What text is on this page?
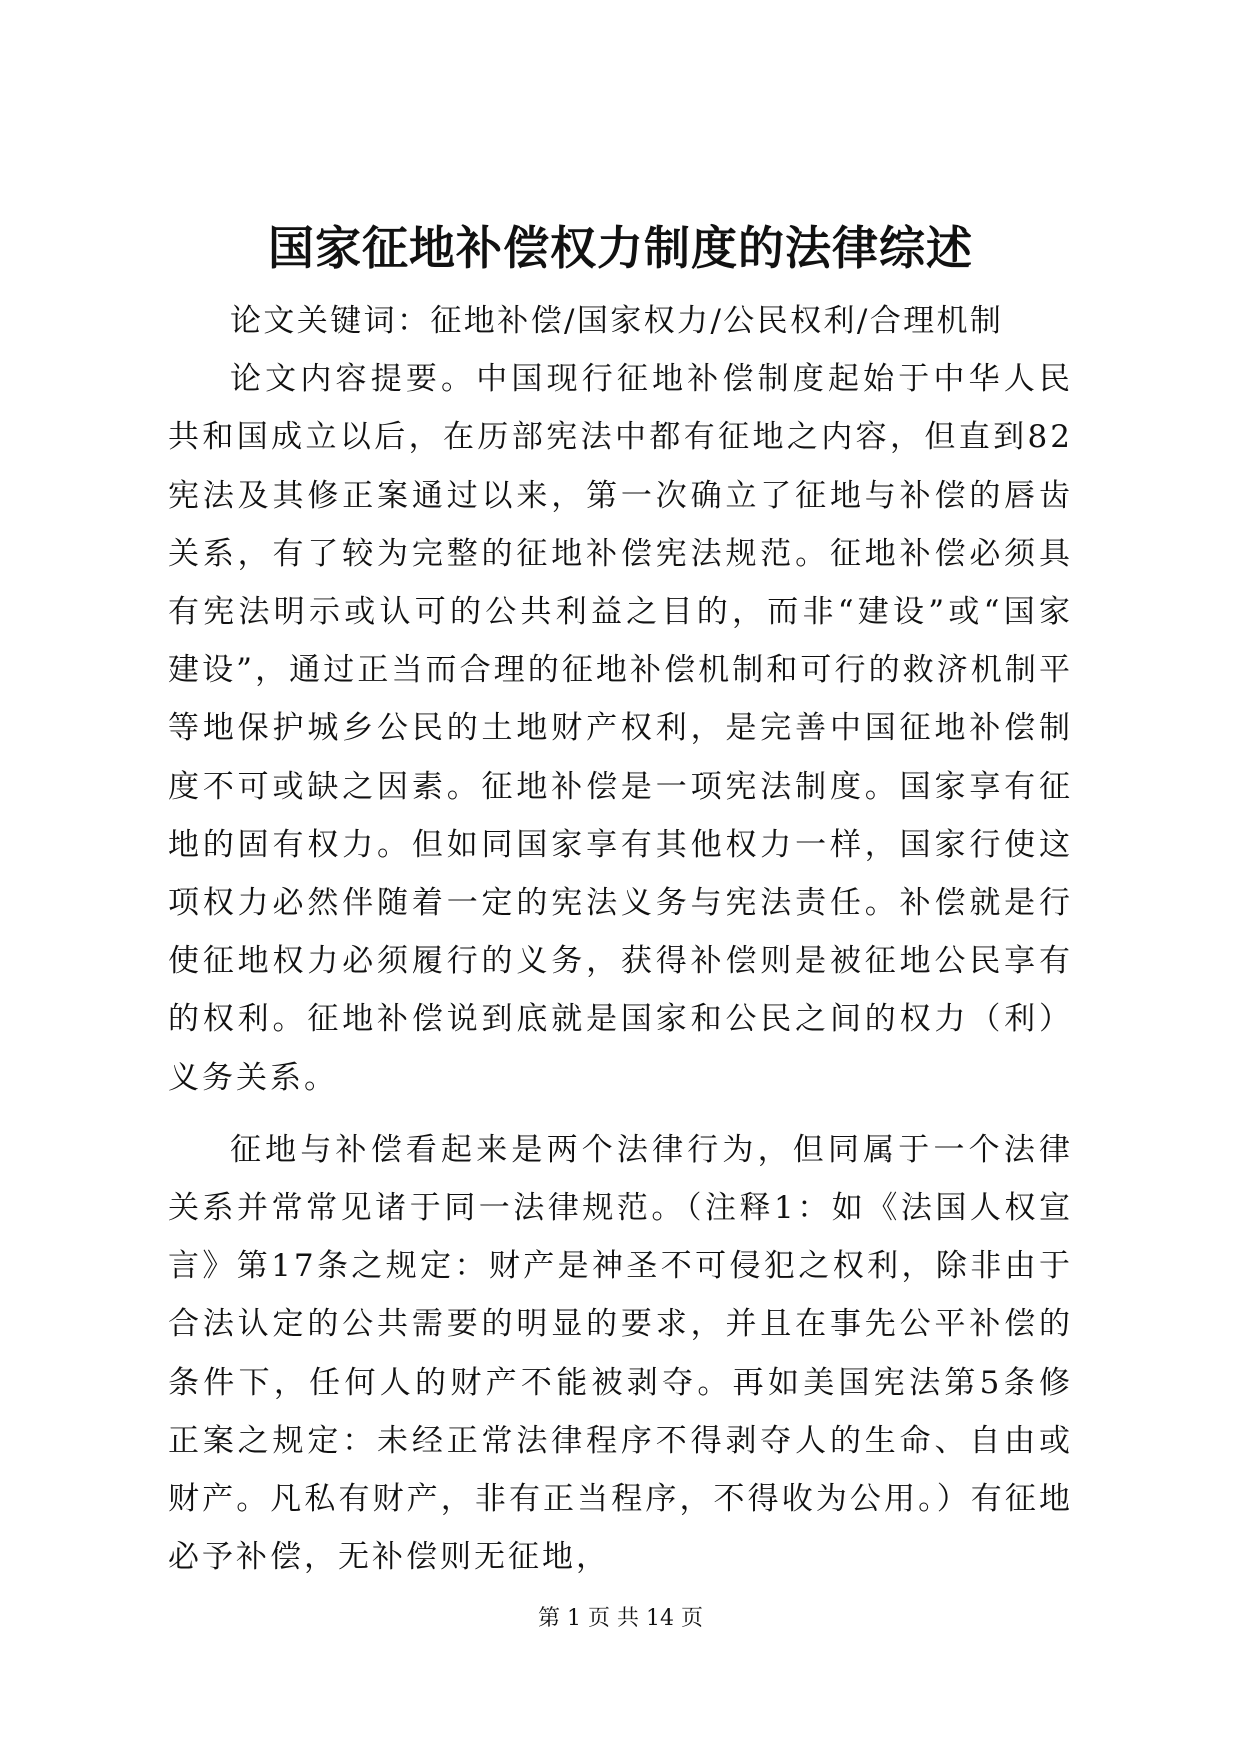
国家征地补偿权力制度的法律综述

论文关键词：征地补偿/国家权力/公民权利/合理机制

论文内容提要。中国现行征地补偿制度起始于中华人民共和国成立以后，在历部宪法中都有征地之内容，但直到82宪法及其修正案通过以来，第一次确立了征地与补偿的唇齿关系，有了较为完整的征地补偿宪法规范。征地补偿必须具有宪法明示或认可的公共利益之目的，而非“建设”或“国家建设”，通过正当而合理的征地补偿机制和可行的救济机制平等地保护城乡公民的土地财产权利，是完善中国征地补偿制度不可或缺之因素。征地补偿是一项宪法制度。国家享有征地的固有权力。但如同国家享有其他权力一样，国家行使这项权力必然伴随着一定的宪法义务与宪法责任。补偿就是行使征地权力必须履行的义务，获得补偿则是被征地公民享有的权利。征地补偿说到底就是国家和公民之间的权力（利）义务关系。

征地与补偿看起来是两个法律行为，但同属于一个法律关系并常常见诸于同一法律规范。（注释1：如《法国人权宣言》第17条之规定：财产是神圣不可侵犯之权利，除非由于合法认定的公共需要的明显的要求，并且在事先公平补偿的条件下，任何人的财产不能被剥夺。再如美国宪法第5条修正案之规定：未经正常法律程序不得剥夺人的生命、自由或财产。凡私有财产，非有正当程序，不得收为公用。）有征地必予补偿，无补偿则无征地，

第 1 页 共 14 页
